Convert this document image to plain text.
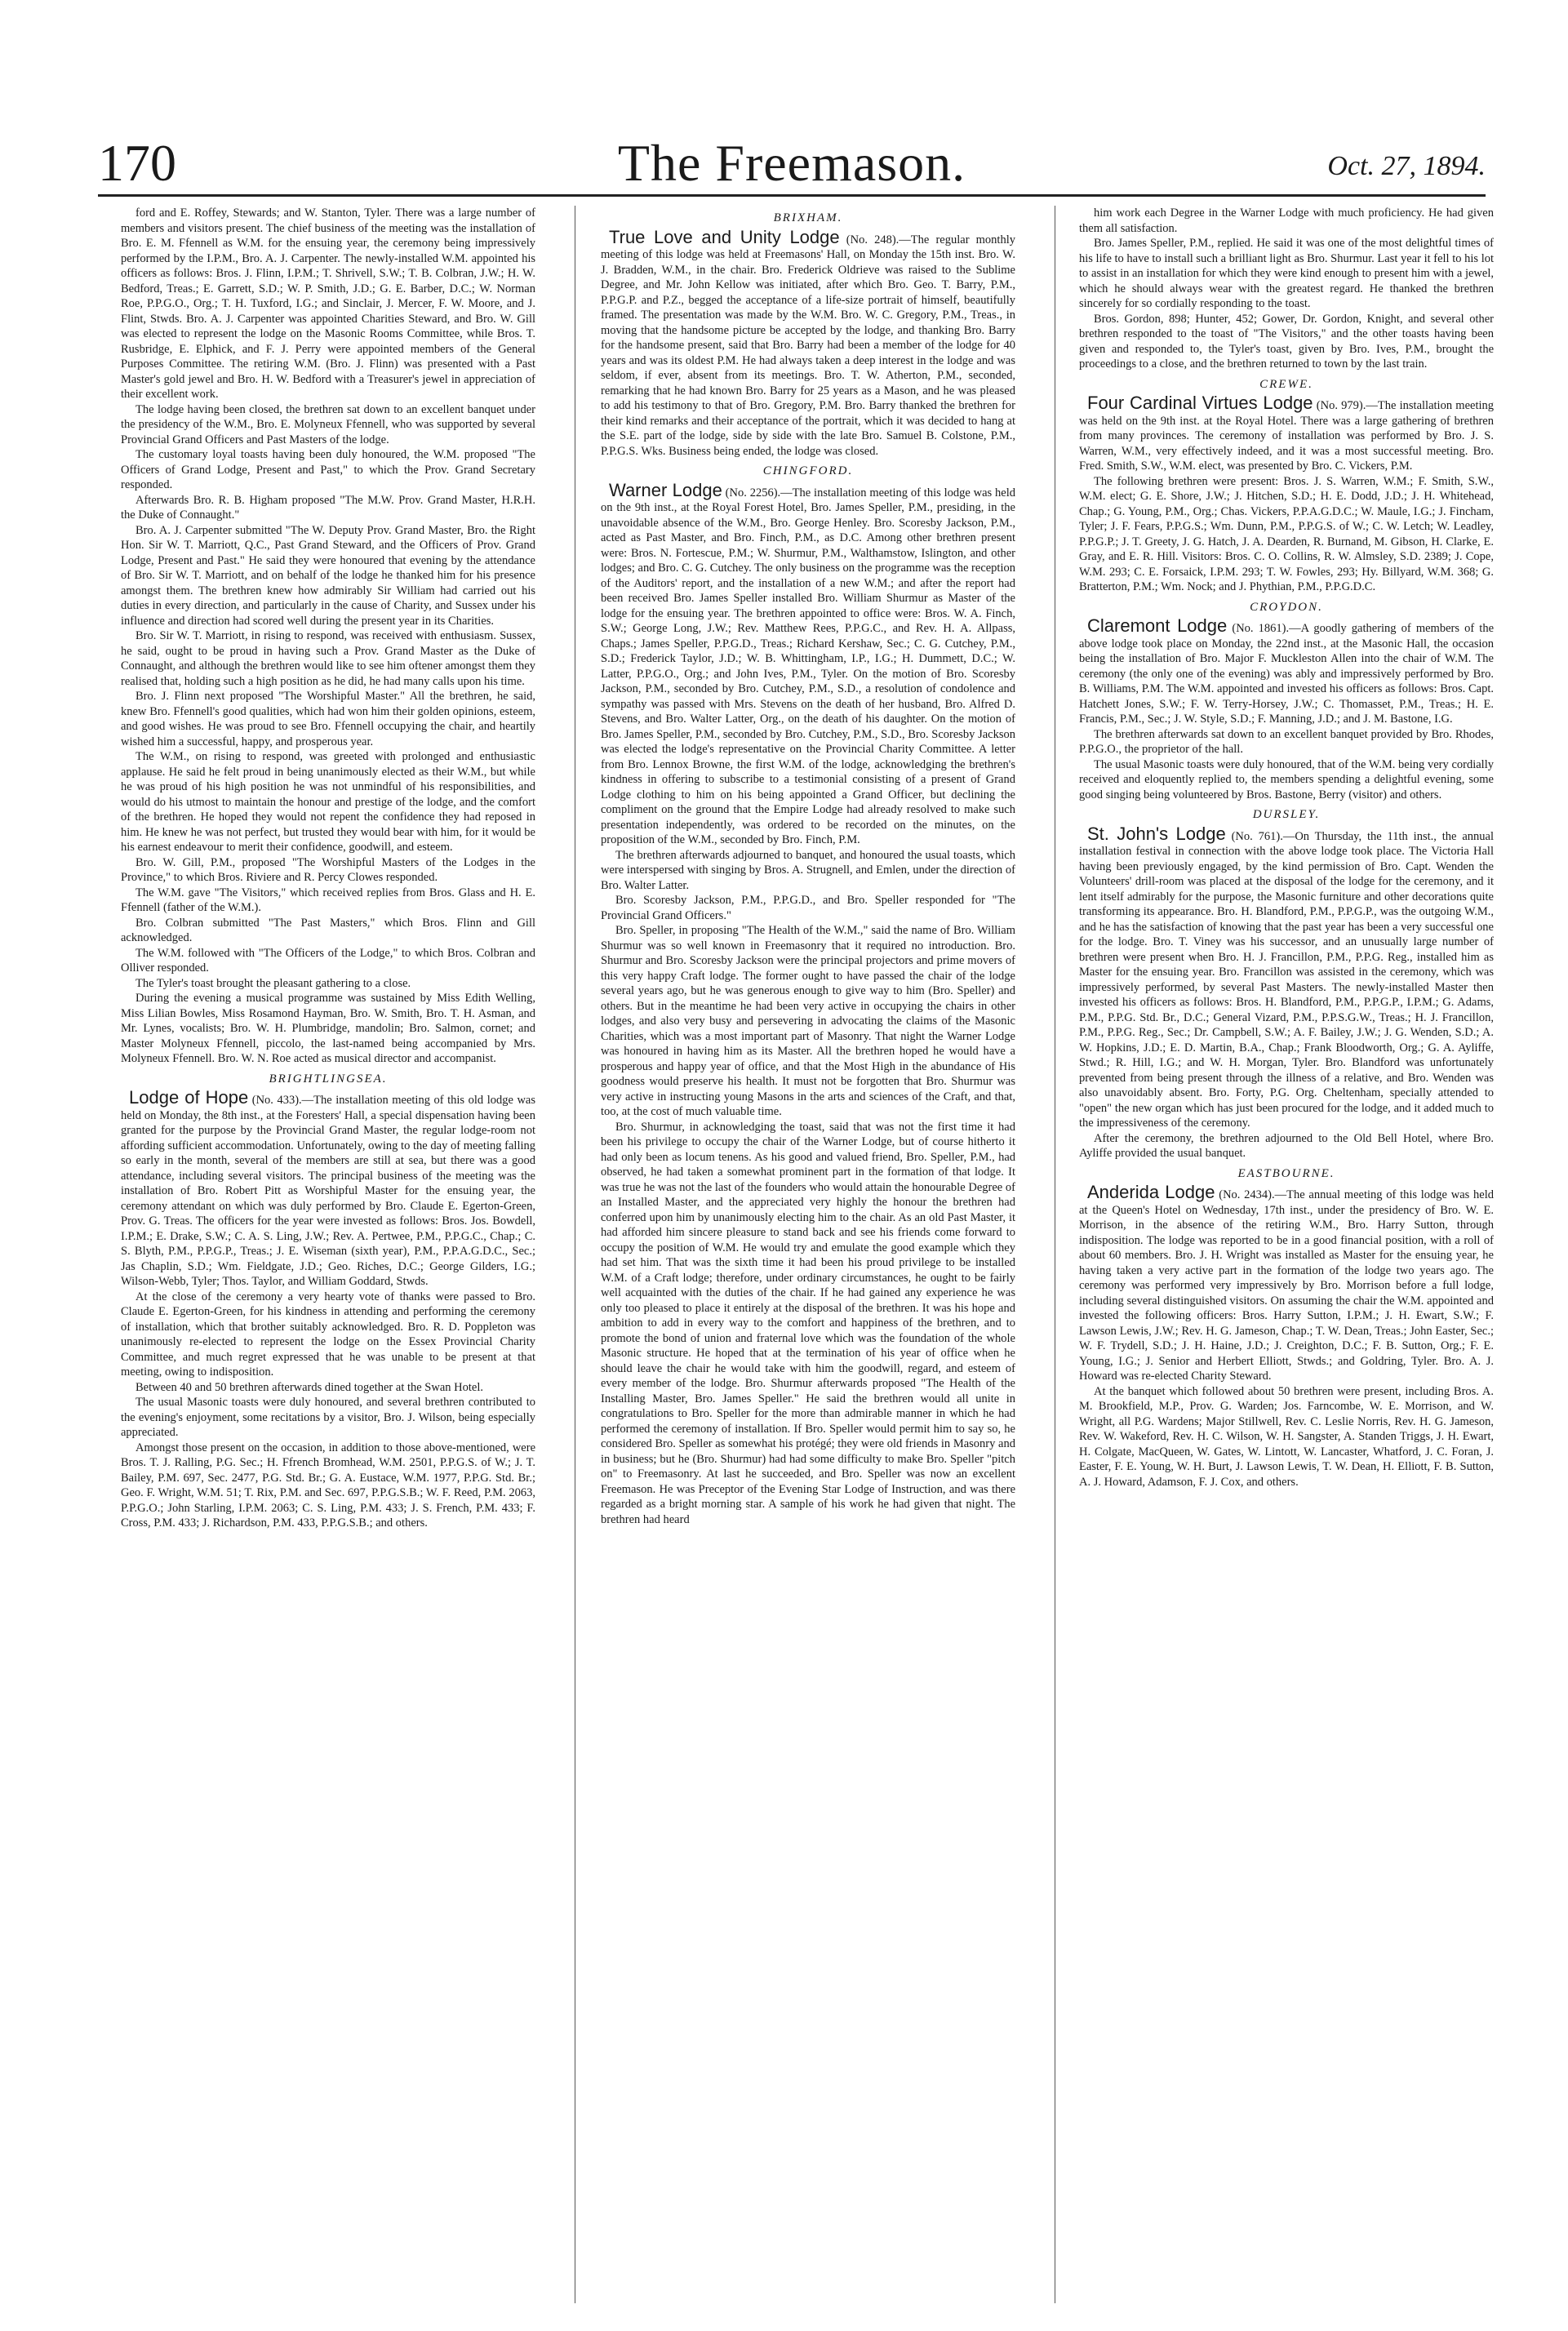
170	The Freemason.	Oct. 27, 1894.

ford and E. Roffey, Stewards; and W. Stanton, Tyler. There was a large number of members and visitors present. The chief business of the meeting was the installation of Bro. E. M. Ffennell as W.M. for the ensuing year, the ceremony being impressively performed by the I.P.M., Bro. A. J. Carpenter. The newly-installed W.M. appointed his officers as follows: Bros. J. Flinn, I.P.M.; T. Shrivell, S.W.; T. B. Colbran, J.W.; H. W. Bedford, Treas.; E. Garrett, S.D.; W. P. Smith, J.D.; G. E. Barber, D.C.; W. Norman Roe, P.P.G.O., Org.; T. H. Tuxford, I.G.; and Sinclair, J. Mercer, F. W. Moore, and J. Flint, Stwds. Bro. A. J. Carpenter was appointed Charities Steward, and Bro. W. Gill was elected to represent the lodge on the Masonic Rooms Committee, while Bros. T. Rusbridge, E. Elphick, and F. J. Perry were appointed members of the General Purposes Committee. The retiring W.M. (Bro. J. Flinn) was presented with a Past Master's gold jewel and Bro. H. W. Bedford with a Treasurer's jewel in appreciation of their excellent work.

The lodge having been closed, the brethren sat down to an excellent banquet under the presidency of the W.M., Bro. E. Molyneux Ffennell, who was supported by several Provincial Grand Officers and Past Masters of the lodge.

The customary loyal toasts having been duly honoured, the W.M. proposed "The Officers of Grand Lodge, Present and Past," to which the Prov. Grand Secretary responded.

Afterwards Bro. R. B. Higham proposed "The M.W. Prov. Grand Master, H.R.H. the Duke of Connaught."

Bro. A. J. Carpenter submitted "The W. Deputy Prov. Grand Master, Bro. the Right Hon. Sir W. T. Marriott, Q.C., Past Grand Steward, and the Officers of Prov. Grand Lodge, Present and Past." He said they were honoured that evening by the attendance of Bro. Sir W. T. Marriott, and on behalf of the lodge he thanked him for his presence amongst them. The brethren knew how admirably Sir William had carried out his duties in every direction, and particularly in the cause of Charity, and Sussex under his influence and direction had scored well during the present year in its Charities.

Bro. Sir W. T. Marriott, in rising to respond, was received with enthusiasm. Sussex, he said, ought to be proud in having such a Prov. Grand Master as the Duke of Connaught, and although the brethren would like to see him oftener amongst them they realised that, holding such a high position as he did, he had many calls upon his time.

Bro. J. Flinn next proposed "The Worshipful Master." All the brethren, he said, knew Bro. Ffennell's good qualities, which had won him their golden opinions, esteem, and good wishes. He was proud to see Bro. Ffennell occupying the chair, and heartily wished him a successful, happy, and prosperous year.

The W.M., on rising to respond, was greeted with prolonged and enthusiastic applause. He said he felt proud in being unanimously elected as their W.M., but while he was proud of his high position he was not unmindful of his responsibilities, and would do his utmost to maintain the honour and prestige of the lodge, and the comfort of the brethren. He hoped they would not repent the confidence they had reposed in him. He knew he was not perfect, but trusted they would bear with him, for it would be his earnest endeavour to merit their confidence, goodwill, and esteem.

Bro. W. Gill, P.M., proposed "The Worshipful Masters of the Lodges in the Province," to which Bros. Riviere and R. Percy Clowes responded.

The W.M. gave "The Visitors," which received replies from Bros. Glass and H. E. Ffennell (father of the W.M.).

Bro. Colbran submitted "The Past Masters," which Bros. Flinn and Gill acknowledged.

The W.M. followed with "The Officers of the Lodge," to which Bros. Colbran and Olliver responded.

The Tyler's toast brought the pleasant gathering to a close.

During the evening a musical programme was sustained by Miss Edith Welling, Miss Lilian Bowles, Miss Rosamond Hayman, Bro. W. Smith, Bro. T. H. Asman, and Mr. Lynes, vocalists; Bro. W. H. Plumbridge, mandolin; Bro. Salmon, cornet; and Master Molyneux Ffennell, piccolo, the last-named being accompanied by Mrs. Molyneux Ffennell. Bro. W. N. Roe acted as musical director and accompanist.

BRIGHTLINGSEA.

Lodge of Hope (No. 433).—The installation meeting of this old lodge was held on Monday, the 8th inst., at the Foresters' Hall, a special dispensation having been granted for the purpose by the Provincial Grand Master, the regular lodge-room not affording sufficient accommodation. Unfortunately, owing to the day of meeting falling so early in the month, several of the members are still at sea, but there was a good attendance, including several visitors. The principal business of the meeting was the installation of Bro. Robert Pitt as Worshipful Master for the ensuing year, the ceremony attendant on which was duly performed by Bro. Claude E. Egerton-Green, Prov. G. Treas. The officers for the year were invested as follows: Bros. Jos. Bowdell, I.P.M.; E. Drake, S.W.; C. A. S. Ling, J.W.; Rev. A. Pertwee, P.M., P.P.G.C., Chap.; C. S. Blyth, P.M., P.P.G.P., Treas.; J. E. Wiseman (sixth year), P.M., P.P.A.G.D.C., Sec.; Jas Chaplin, S.D.; Wm. Fieldgate, J.D.; Geo. Riches, D.C.; George Gilders, I.G.; Wilson-Webb, Tyler; Thos. Taylor, and William Goddard, Stwds.

At the close of the ceremony a very hearty vote of thanks were passed to Bro. Claude E. Egerton-Green, for his kindness in attending and performing the ceremony of installation, which that brother suitably acknowledged. Bro. R. D. Poppleton was unanimously re-elected to represent the lodge on the Essex Provincial Charity Committee, and much regret expressed that he was unable to be present at that meeting, owing to indisposition.

Between 40 and 50 brethren afterwards dined together at the Swan Hotel.

The usual Masonic toasts were duly honoured, and several brethren contributed to the evening's enjoyment, some recitations by a visitor, Bro. J. Wilson, being especially appreciated.

Amongst those present on the occasion, in addition to those above-mentioned, were Bros. T. J. Ralling, P.G. Sec.; H. Ffrench Bromhead, W.M. 2501, P.P.G.S. of W.; J. T. Bailey, P.M. 697, Sec. 2477, P.G. Std. Br.; G. A. Eustace, W.M. 1977, P.P.G. Std. Br.; Geo. F. Wright, W.M. 51; T. Rix, P.M. and Sec. 697, P.P.G.S.B.; W. F. Reed, P.M. 2063, P.P.G.O.; John Starling, I.P.M. 2063; C. S. Ling, P.M. 433; J. S. French, P.M. 433; F. Cross, P.M. 433; J. Richardson, P.M. 433, P.P.G.S.B.; and others.

BRIXHAM.

True Love and Unity Lodge (No. 248).—The regular monthly meeting of this lodge was held at Freemasons' Hall, on Monday the 15th inst. Bro. W. J. Bradden, W.M., in the chair. Bro. Frederick Oldrieve was raised to the Sublime Degree, and Mr. John Kellow was initiated, after which Bro. Geo. T. Barry, P.M., P.P.G.P. and P.Z., begged the acceptance of a life-size portrait of himself, beautifully framed. The presentation was made by the W.M. Bro. W. C. Gregory, P.M., Treas., in moving that the handsome picture be accepted by the lodge, and thanking Bro. Barry for the handsome present, said that Bro. Barry had been a member of the lodge for 40 years and was its oldest P.M. He had always taken a deep interest in the lodge and was seldom, if ever, absent from its meetings. Bro. T. W. Atherton, P.M., seconded, remarking that he had known Bro. Barry for 25 years as a Mason, and he was pleased to add his testimony to that of Bro. Gregory, P.M. Bro. Barry thanked the brethren for their kind remarks and their acceptance of the portrait, which it was decided to hang at the S.E. part of the lodge, side by side with the late Bro. Samuel B. Colstone, P.M., P.P.G.S. Wks. Business being ended, the lodge was closed.

CHINGFORD.

Warner Lodge (No. 2256).—The installation meeting of this lodge was held on the 9th inst., at the Royal Forest Hotel, Bro. James Speller, P.M., presiding, in the unavoidable absence of the W.M., Bro. George Henley. Bro. Scoresby Jackson, P.M., acted as Past Master, and Bro. Finch, P.M., as D.C. Among other brethren present were: Bros. N. Fortescue, P.M.; W. Shurmur, P.M., Walthamstow, Islington, and other lodges; and Bro. C. G. Cutchey. The only business on the programme was the reception of the Auditors' report, and the installation of a new W.M.; and after the report had been received Bro. James Speller installed Bro. William Shurmur as Master of the lodge for the ensuing year. The brethren appointed to office were: Bros. W. A. Finch, S.W.; George Long, J.W.; Rev. Matthew Rees, P.P.G.C., and Rev. H. A. Allpass, Chaps.; James Speller, P.P.G.D., Treas.; Richard Kershaw, Sec.; C. G. Cutchey, P.M., S.D.; Frederick Taylor, J.D.; W. B. Whittingham, I.P., I.G.; H. Dummett, D.C.; W. Latter, P.P.G.O., Org.; and John Ives, P.M., Tyler. On the motion of Bro. Scoresby Jackson, P.M., seconded by Bro. Cutchey, P.M., S.D., a resolution of condolence and sympathy was passed with Mrs. Stevens on the death of her husband, Bro. Alfred D. Stevens, and Bro. Walter Latter, Org., on the death of his daughter. On the motion of Bro. James Speller, P.M., seconded by Bro. Cutchey, P.M., S.D., Bro. Scoresby Jackson was elected the lodge's representative on the Provincial Charity Committee. A letter from Bro. Lennox Browne, the first W.M. of the lodge, acknowledging the brethren's kindness in offering to subscribe to a testimonial consisting of a present of Grand Lodge clothing to him on his being appointed a Grand Officer, but declining the compliment on the ground that the Empire Lodge had already resolved to make such presentation independently, was ordered to be recorded on the minutes, on the proposition of the W.M., seconded by Bro. Finch, P.M.

The brethren afterwards adjourned to banquet, and honoured the usual toasts, which were interspersed with singing by Bros. A. Strugnell, and Emlen, under the direction of Bro. Walter Latter.

Bro. Scoresby Jackson, P.M., P.P.G.D., and Bro. Speller responded for "The Provincial Grand Officers."

Bro. Speller, in proposing "The Health of the W.M.," said the name of Bro. William Shurmur was so well known in Freemasonry that it required no introduction. Bro. Shurmur and Bro. Scoresby Jackson were the principal projectors and prime movers of this very happy Craft lodge. The former ought to have passed the chair of the lodge several years ago, but he was generous enough to give way to him (Bro. Speller) and others. But in the meantime he had been very active in occupying the chairs in other lodges, and also very busy and persevering in advocating the claims of the Masonic Charities, which was a most important part of Masonry. That night the Warner Lodge was honoured in having him as its Master. All the brethren hoped he would have a prosperous and happy year of office, and that the Most High in the abundance of His goodness would preserve his health. It must not be forgotten that Bro. Shurmur was very active in instructing young Masons in the arts and sciences of the Craft, and that, too, at the cost of much valuable time.

Bro. Shurmur, in acknowledging the toast, said that was not the first time it had been his privilege to occupy the chair of the Warner Lodge, but of course hitherto it had only been as locum tenens. As his good and valued friend, Bro. Speller, P.M., had observed, he had taken a somewhat prominent part in the formation of that lodge. It was true he was not the last of the founders who would attain the honourable Degree of an Installed Master, and the appreciated very highly the honour the brethren had conferred upon him by unanimously electing him to the chair. As an old Past Master, it had afforded him sincere pleasure to stand back and see his friends come forward to occupy the position of W.M. He would try and emulate the good example which they had set him. That was the sixth time it had been his proud privilege to be installed W.M. of a Craft lodge; therefore, under ordinary circumstances, he ought to be fairly well acquainted with the duties of the chair. If he had gained any experience he was only too pleased to place it entirely at the disposal of the brethren. It was his hope and ambition to add in every way to the comfort and happiness of the brethren, and to promote the bond of union and fraternal love which was the foundation of the whole Masonic structure. He hoped that at the termination of his year of office when he should leave the chair he would take with him the goodwill, regard, and esteem of every member of the lodge. Bro. Shurmur afterwards proposed "The Health of the Installing Master, Bro. James Speller." He said the brethren would all unite in congratulations to Bro. Speller for the more than admirable manner in which he had performed the ceremony of installation. If Bro. Speller would permit him to say so, he considered Bro. Speller as somewhat his protégé; they were old friends in Masonry and in business; but he (Bro. Shurmur) had had some difficulty to make Bro. Speller "pitch on" to Freemasonry. At last he succeeded, and Bro. Speller was now an excellent Freemason. He was Preceptor of the Evening Star Lodge of Instruction, and was there regarded as a bright morning star. A sample of his work he had given that night. The brethren had heard

him work each Degree in the Warner Lodge with much proficiency. He had given them all satisfaction.

Bro. James Speller, P.M., replied. He said it was one of the most delightful times of his life to have to install such a brilliant light as Bro. Shurmur. Last year it fell to his lot to assist in an installation for which they were kind enough to present him with a jewel, which he should always wear with the greatest regard. He thanked the brethren sincerely for so cordially responding to the toast.

Bros. Gordon, 898; Hunter, 452; Gower, Dr. Gordon, Knight, and several other brethren responded to the toast of "The Visitors," and the other toasts having been given and responded to, the Tyler's toast, given by Bro. Ives, P.M., brought the proceedings to a close, and the brethren returned to town by the last train.

CREWE.

Four Cardinal Virtues Lodge (No. 979).—The installation meeting was held on the 9th inst. at the Royal Hotel. There was a large gathering of brethren from many provinces. The ceremony of installation was performed by Bro. J. S. Warren, W.M., very effectively indeed, and it was a most successful meeting. Bro. Fred. Smith, S.W., W.M. elect, was presented by Bro. C. Vickers, P.M.

The following brethren were present: Bros. J. S. Warren, W.M.; F. Smith, S.W., W.M. elect; G. E. Shore, J.W.; J. Hitchen, S.D.; H. E. Dodd, J.D.; J. H. Whitehead, Chap.; G. Young, P.M., Org.; Chas. Vickers, P.P.A.G.D.C.; W. Maule, I.G.; J. Fincham, Tyler; J. F. Fears, P.P.G.S.; Wm. Dunn, P.M., P.P.G.S. of W.; C. W. Letch; W. Leadley, P.P.G.P.; J. T. Greety, J. G. Hatch, J. A. Dearden, R. Burnand, M. Gibson, H. Clarke, E. Gray, and E. R. Hill. Visitors: Bros. C. O. Collins, R. W. Almsley, S.D. 2389; J. Cope, W.M. 293; C. E. Forsaick, I.P.M. 293; T. W. Fowles, 293; Hy. Billyard, W.M. 368; G. Bratterton, P.M.; Wm. Nock; and J. Phythian, P.M., P.P.G.D.C.

CROYDON.

Claremont Lodge (No. 1861).—A goodly gathering of members of the above lodge took place on Monday, the 22nd inst., at the Masonic Hall, the occasion being the installation of Bro. Major F. Muckleston Allen into the chair of W.M. The ceremony (the only one of the evening) was ably and impressively performed by Bro. B. Williams, P.M. The W.M. appointed and invested his officers as follows: Bros. Capt. Hatchett Jones, S.W.; F. W. Terry-Horsey, J.W.; C. Thomasset, P.M., Treas.; H. E. Francis, P.M., Sec.; J. W. Style, S.D.; F. Manning, J.D.; and J. M. Bastone, I.G.

The brethren afterwards sat down to an excellent banquet provided by Bro. Rhodes, P.P.G.O., the proprietor of the hall.

The usual Masonic toasts were duly honoured, that of the W.M. being very cordially received and eloquently replied to, the members spending a delightful evening, some good singing being volunteered by Bros. Bastone, Berry (visitor) and others.

DURSLEY.

St. John's Lodge (No. 761).—On Thursday, the 11th inst., the annual installation festival in connection with the above lodge took place. The Victoria Hall having been previously engaged, by the kind permission of Bro. Capt. Wenden the Volunteers' drill-room was placed at the disposal of the lodge for the ceremony, and it lent itself admirably for the purpose, the Masonic furniture and other decorations quite transforming its appearance. Bro. H. Blandford, P.M., P.P.G.P., was the outgoing W.M., and he has the satisfaction of knowing that the past year has been a very successful one for the lodge. Bro. T. Viney was his successor, and an unusually large number of brethren were present when Bro. H. J. Francillon, P.M., P.P.G. Reg., installed him as Master for the ensuing year. Bro. Francillon was assisted in the ceremony, which was impressively performed, by several Past Masters. The newly-installed Master then invested his officers as follows: Bros. H. Blandford, P.M., P.P.G.P., I.P.M.; G. Adams, P.M., P.P.G. Std. Br., D.C.; General Vizard, P.M., P.P.S.G.W., Treas.; H. J. Francillon, P.M., P.P.G. Reg., Sec.; Dr. Campbell, S.W.; A. F. Bailey, J.W.; J. G. Wenden, S.D.; A. W. Hopkins, J.D.; E. D. Martin, B.A., Chap.; Frank Bloodworth, Org.; G. A. Ayliffe, Stwd.; R. Hill, I.G.; and W. H. Morgan, Tyler. Bro. Blandford was unfortunately prevented from being present through the illness of a relative, and Bro. Wenden was also unavoidably absent. Bro. Forty, P.G. Org. Cheltenham, specially attended to "open" the new organ which has just been procured for the lodge, and it added much to the impressiveness of the ceremony.

After the ceremony, the brethren adjourned to the Old Bell Hotel, where Bro. Ayliffe provided the usual banquet.

EASTBOURNE.

Anderida Lodge (No. 2434).—The annual meeting of this lodge was held at the Queen's Hotel on Wednesday, 17th inst., under the presidency of Bro. W. E. Morrison, in the absence of the retiring W.M., Bro. Harry Sutton, through indisposition. The lodge was reported to be in a good financial position, with a roll of about 60 members. Bro. J. H. Wright was installed as Master for the ensuing year, he having taken a very active part in the formation of the lodge two years ago. The ceremony was performed very impressively by Bro. Morrison before a full lodge, including several distinguished visitors. On assuming the chair the W.M. appointed and invested the following officers: Bros. Harry Sutton, I.P.M.; J. H. Ewart, S.W.; F. Lawson Lewis, J.W.; Rev. H. G. Jameson, Chap.; T. W. Dean, Treas.; John Easter, Sec.; W. F. Trydell, S.D.; J. H. Haine, J.D.; J. Creighton, D.C.; F. B. Sutton, Org.; F. E. Young, I.G.; J. Senior and Herbert Elliott, Stwds.; and Goldring, Tyler. Bro. A. J. Howard was re-elected Charity Steward.

At the banquet which followed about 50 brethren were present, including Bros. A. M. Brookfield, M.P., Prov. G. Warden; Jos. Farncombe, W. E. Morrison, and W. Wright, all P.G. Wardens; Major Stillwell, Rev. C. Leslie Norris, Rev. H. G. Jameson, Rev. W. Wakeford, Rev. H. C. Wilson, W. H. Sangster, A. Standen Triggs, J. H. Ewart, H. Colgate, MacQueen, W. Gates, W. Lintott, W. Lancaster, Whatford, J. C. Foran, J. Easter, F. E. Young, W. H. Burt, J. Lawson Lewis, T. W. Dean, H. Elliott, F. B. Sutton, A. J. Howard, Adamson, F. J. Cox, and others.
